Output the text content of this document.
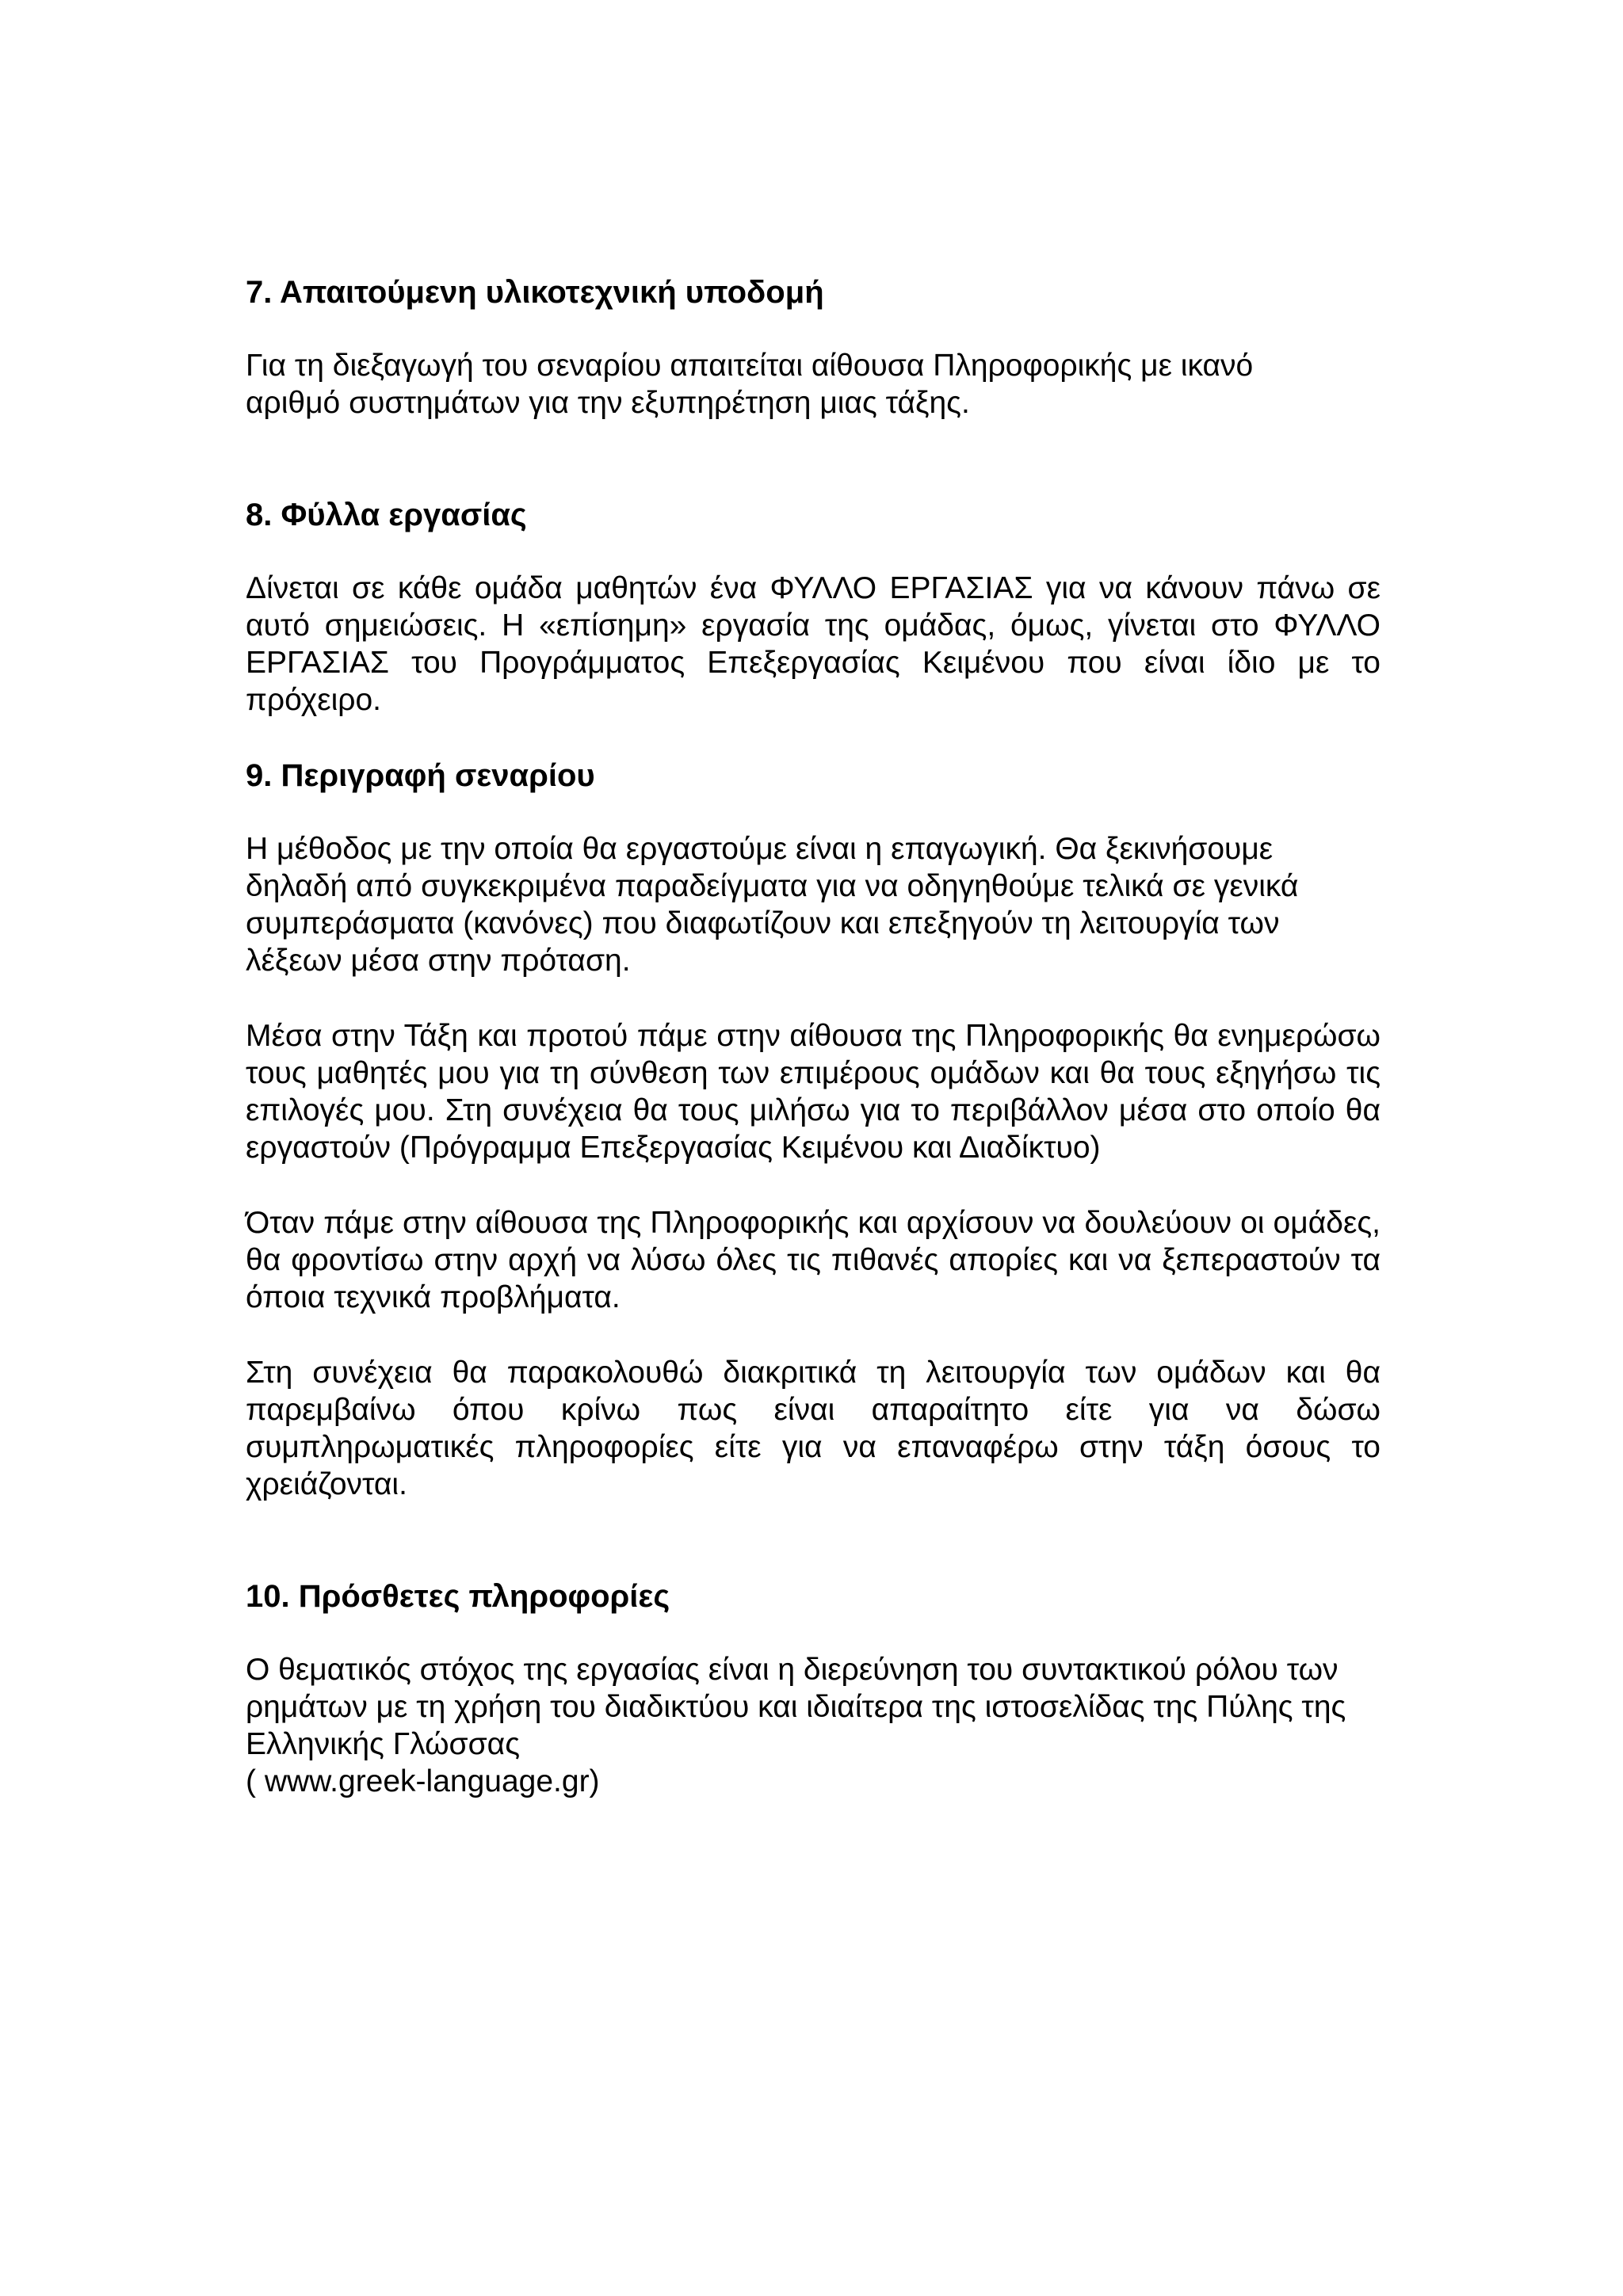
7. Απαιτούμενη υλικοτεχνική υποδομή

Για τη διεξαγωγή του σεναρίου απαιτείται αίθουσα Πληροφορικής με ικανό αριθμό συστημάτων για την εξυπηρέτηση μιας τάξης.

8. Φύλλα εργασίας

Δίνεται σε κάθε ομάδα μαθητών ένα ΦΥΛΛΟ ΕΡΓΑΣΙΑΣ για να κάνουν πάνω σε αυτό σημειώσεις. Η «επίσημη» εργασία της ομάδας, όμως, γίνεται στο ΦΥΛΛΟ ΕΡΓΑΣΙΑΣ του Προγράμματος Επεξεργασίας Κειμένου που είναι ίδιο με το πρόχειρο.

9. Περιγραφή σεναρίου

Η μέθοδος με την οποία θα εργαστούμε είναι η επαγωγική. Θα ξεκινήσουμε δηλαδή από συγκεκριμένα παραδείγματα για να οδηγηθούμε τελικά σε γενικά συμπεράσματα (κανόνες) που διαφωτίζουν και επεξηγούν τη λειτουργία των λέξεων μέσα στην πρόταση.

Μέσα στην Τάξη και προτού πάμε στην αίθουσα της Πληροφορικής θα ενημερώσω τους μαθητές μου για τη σύνθεση των επιμέρους ομάδων και θα τους εξηγήσω τις επιλογές μου. Στη συνέχεια θα τους μιλήσω για το περιβάλλον μέσα στο οποίο θα εργαστούν (Πρόγραμμα Επεξεργασίας Κειμένου και Διαδίκτυο)

Όταν πάμε στην αίθουσα της Πληροφορικής και αρχίσουν να δουλεύουν οι ομάδες, θα φροντίσω στην αρχή να λύσω όλες τις πιθανές απορίες και να ξεπεραστούν τα όποια τεχνικά προβλήματα.

Στη συνέχεια θα παρακολουθώ διακριτικά τη λειτουργία των ομάδων και θα παρεμβαίνω όπου κρίνω πως είναι απαραίτητο είτε για να δώσω συμπληρωματικές πληροφορίες είτε για να επαναφέρω στην τάξη όσους το χρειάζονται.

10. Πρόσθετες πληροφορίες

Ο θεματικός στόχος της εργασίας είναι η διερεύνηση του συντακτικού ρόλου των ρημάτων με τη χρήση του διαδικτύου και ιδιαίτερα της ιστοσελίδας της Πύλης της Ελληνικής Γλώσσας
( www.greek-language.gr)
